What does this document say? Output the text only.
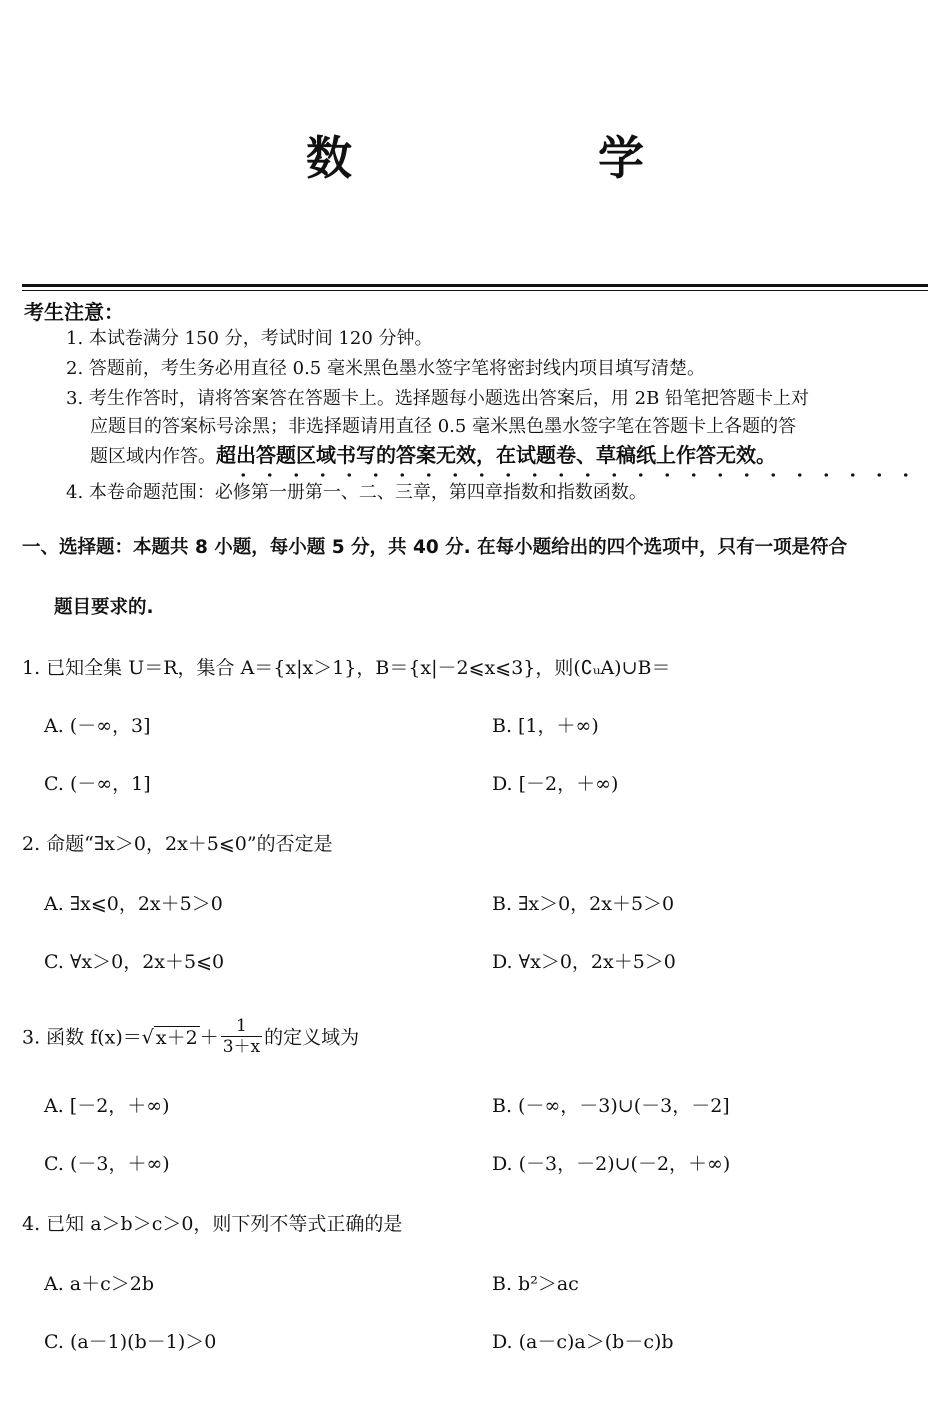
数　学
考生注意：
1. 本试卷满分 150 分，考试时间 120 分钟。
2. 答题前，考生务必用直径 0.5 毫米黑色墨水签字笔将密封线内项目填写清楚。
3. 考生作答时，请将答案答在答题卡上。选择题每小题选出答案后，用 2B 铅笔把答题卡上对
应题目的答案标号涂黑；非选择题请用直径 0.5 毫米黑色墨水签字笔在答题卡上各题的答
题区域内作答。超出答题区域书写的答案无效，在试题卷、草稿纸上作答无效。
4. 本卷命题范围：必修第一册第一、二、三章，第四章指数和指数函数。
一、选择题：本题共 8 小题，每小题 5 分，共 40 分. 在每小题给出的四个选项中，只有一项是符合
题目要求的.
1. 已知全集 U＝R，集合 A＝{x|x＞1}，B＝{x|－2⩽x⩽3}，则(∁ᵤA)∪B＝
A. (－∞，3]	B. [1，＋∞)
C. (－∞，1]	D. [－2，＋∞)
2. 命题“∃x＞0，2x＋5⩽0”的否定是
A. ∃x⩽0，2x＋5＞0	B. ∃x＞0，2x＋5＞0
C. ∀x＞0，2x＋5⩽0	D. ∀x＞0，2x＋5＞0
3. 函数 f(x)＝√ $x+2 + \frac{1}{3+x}$ 的定义域为
A. [－2，＋∞)	B. (－∞，－3)∪(－3，－2]
C. (－3，＋∞)	D. (－3，－2)∪(－2，＋∞)
4. 已知 a＞b＞c＞0，则下列不等式正确的是
A. a＋c＞2b	B. b²＞ac
C. (a－1)(b－1)＞0	D. (a－c)a＞(b－c)b
